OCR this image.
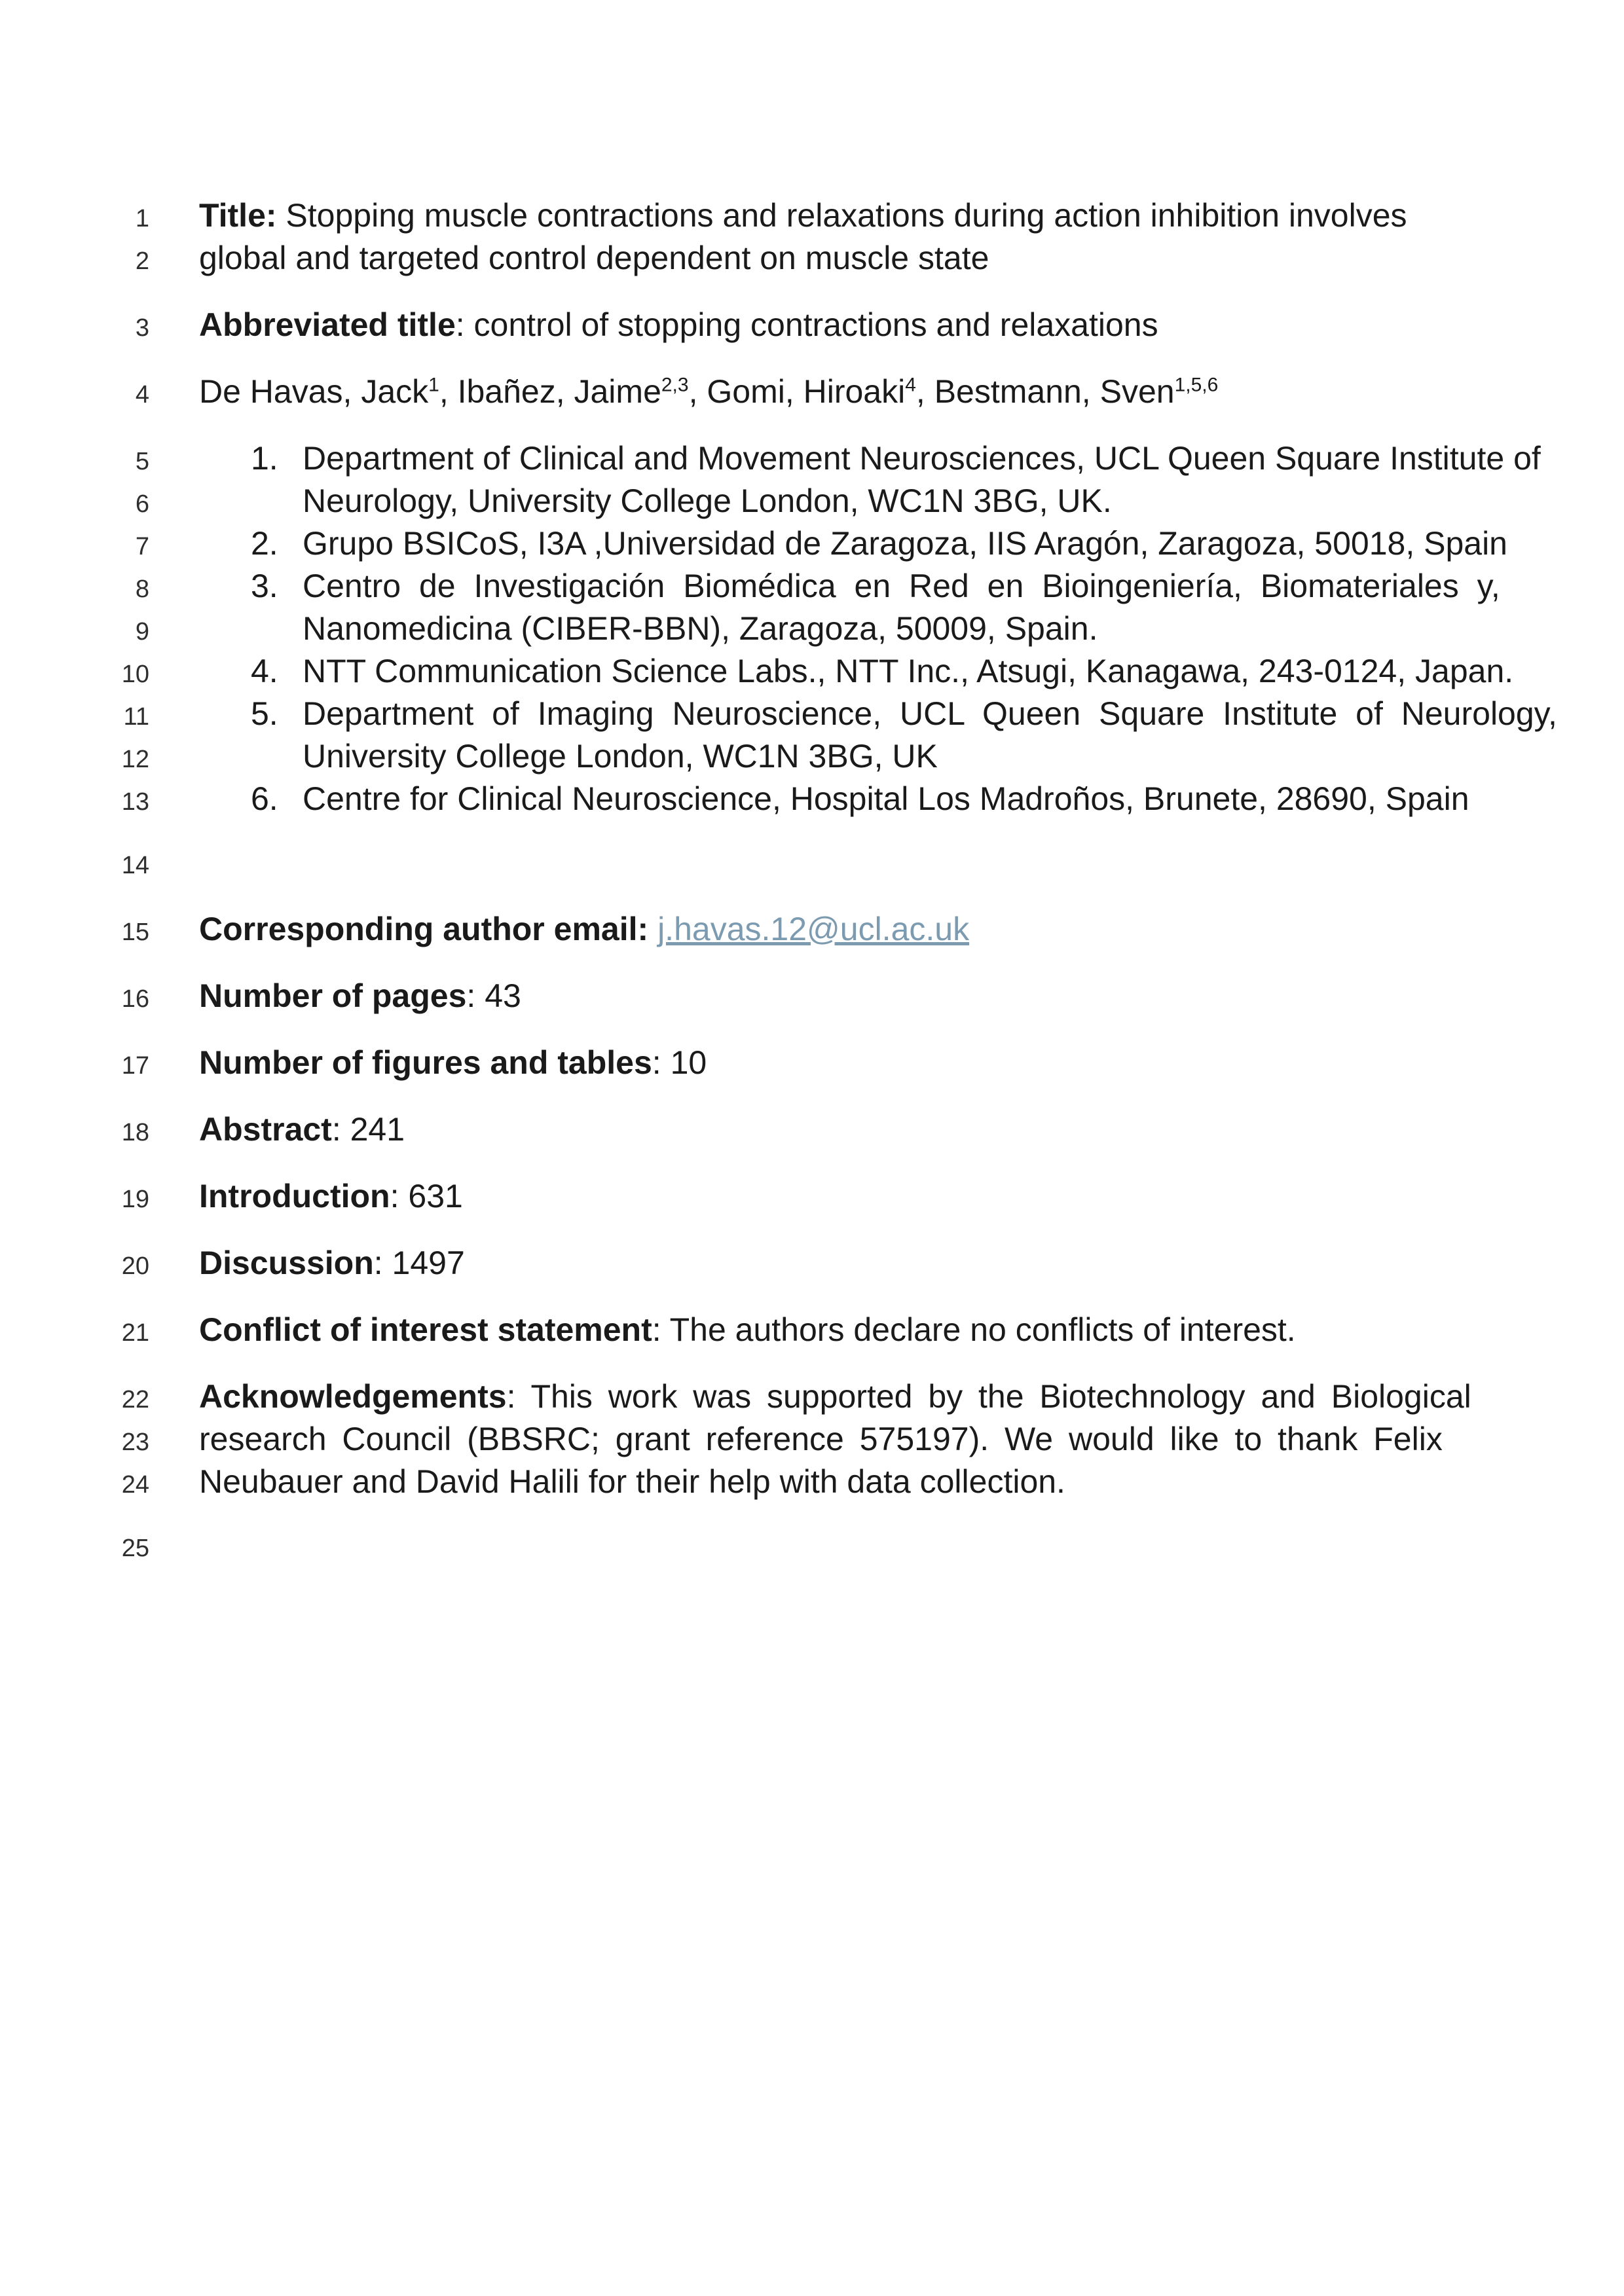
1 Title: Stopping muscle contractions and relaxations during action inhibition involves
2 global and targeted control dependent on muscle state
3 Abbreviated title: control of stopping contractions and relaxations
4 De Havas, Jack$^1$, Ibañez, Jaime$^{2,3}$, Gomi, Hiroaki$^4$, Bestmann, Sven$^{1,5,6}$
5	1. Department of Clinical and Movement Neurosciences, UCL Queen Square Institute of
6	Neurology, University College London, WC1N 3BG, UK.
7	2. Grupo BSICoS, I3A ,Universidad de Zaragoza, IIS Aragón, Zaragoza, 50018, Spain
8	3. Centro de Investigación Biomédica en Red en Bioingeniería, Biomateriales y,
9	Nanomedicina (CIBER-BBN), Zaragoza, 50009, Spain.
10	4. NTT Communication Science Labs., NTT Inc., Atsugi, Kanagawa, 243-0124, Japan.
11	5. Department of Imaging Neuroscience, UCL Queen Square Institute of Neurology,
12	University College London, WC1N 3BG, UK
13	6. Centre for Clinical Neuroscience, Hospital Los Madroños, Brunete, 28690, Spain
14
15 Corresponding author email: j.havas.12@ucl.ac.uk
16 Number of pages: 43
17 Number of figures and tables: 10
18 Abstract: 241
19 Introduction: 631
20 Discussion: 1497
21 Conflict of interest statement: The authors declare no conflicts of interest.
22 Acknowledgements: This work was supported by the Biotechnology and Biological
23 research Council (BBSRC; grant reference 575197). We would like to thank Felix
24 Neubauer and David Halili for their help with data collection.
25
